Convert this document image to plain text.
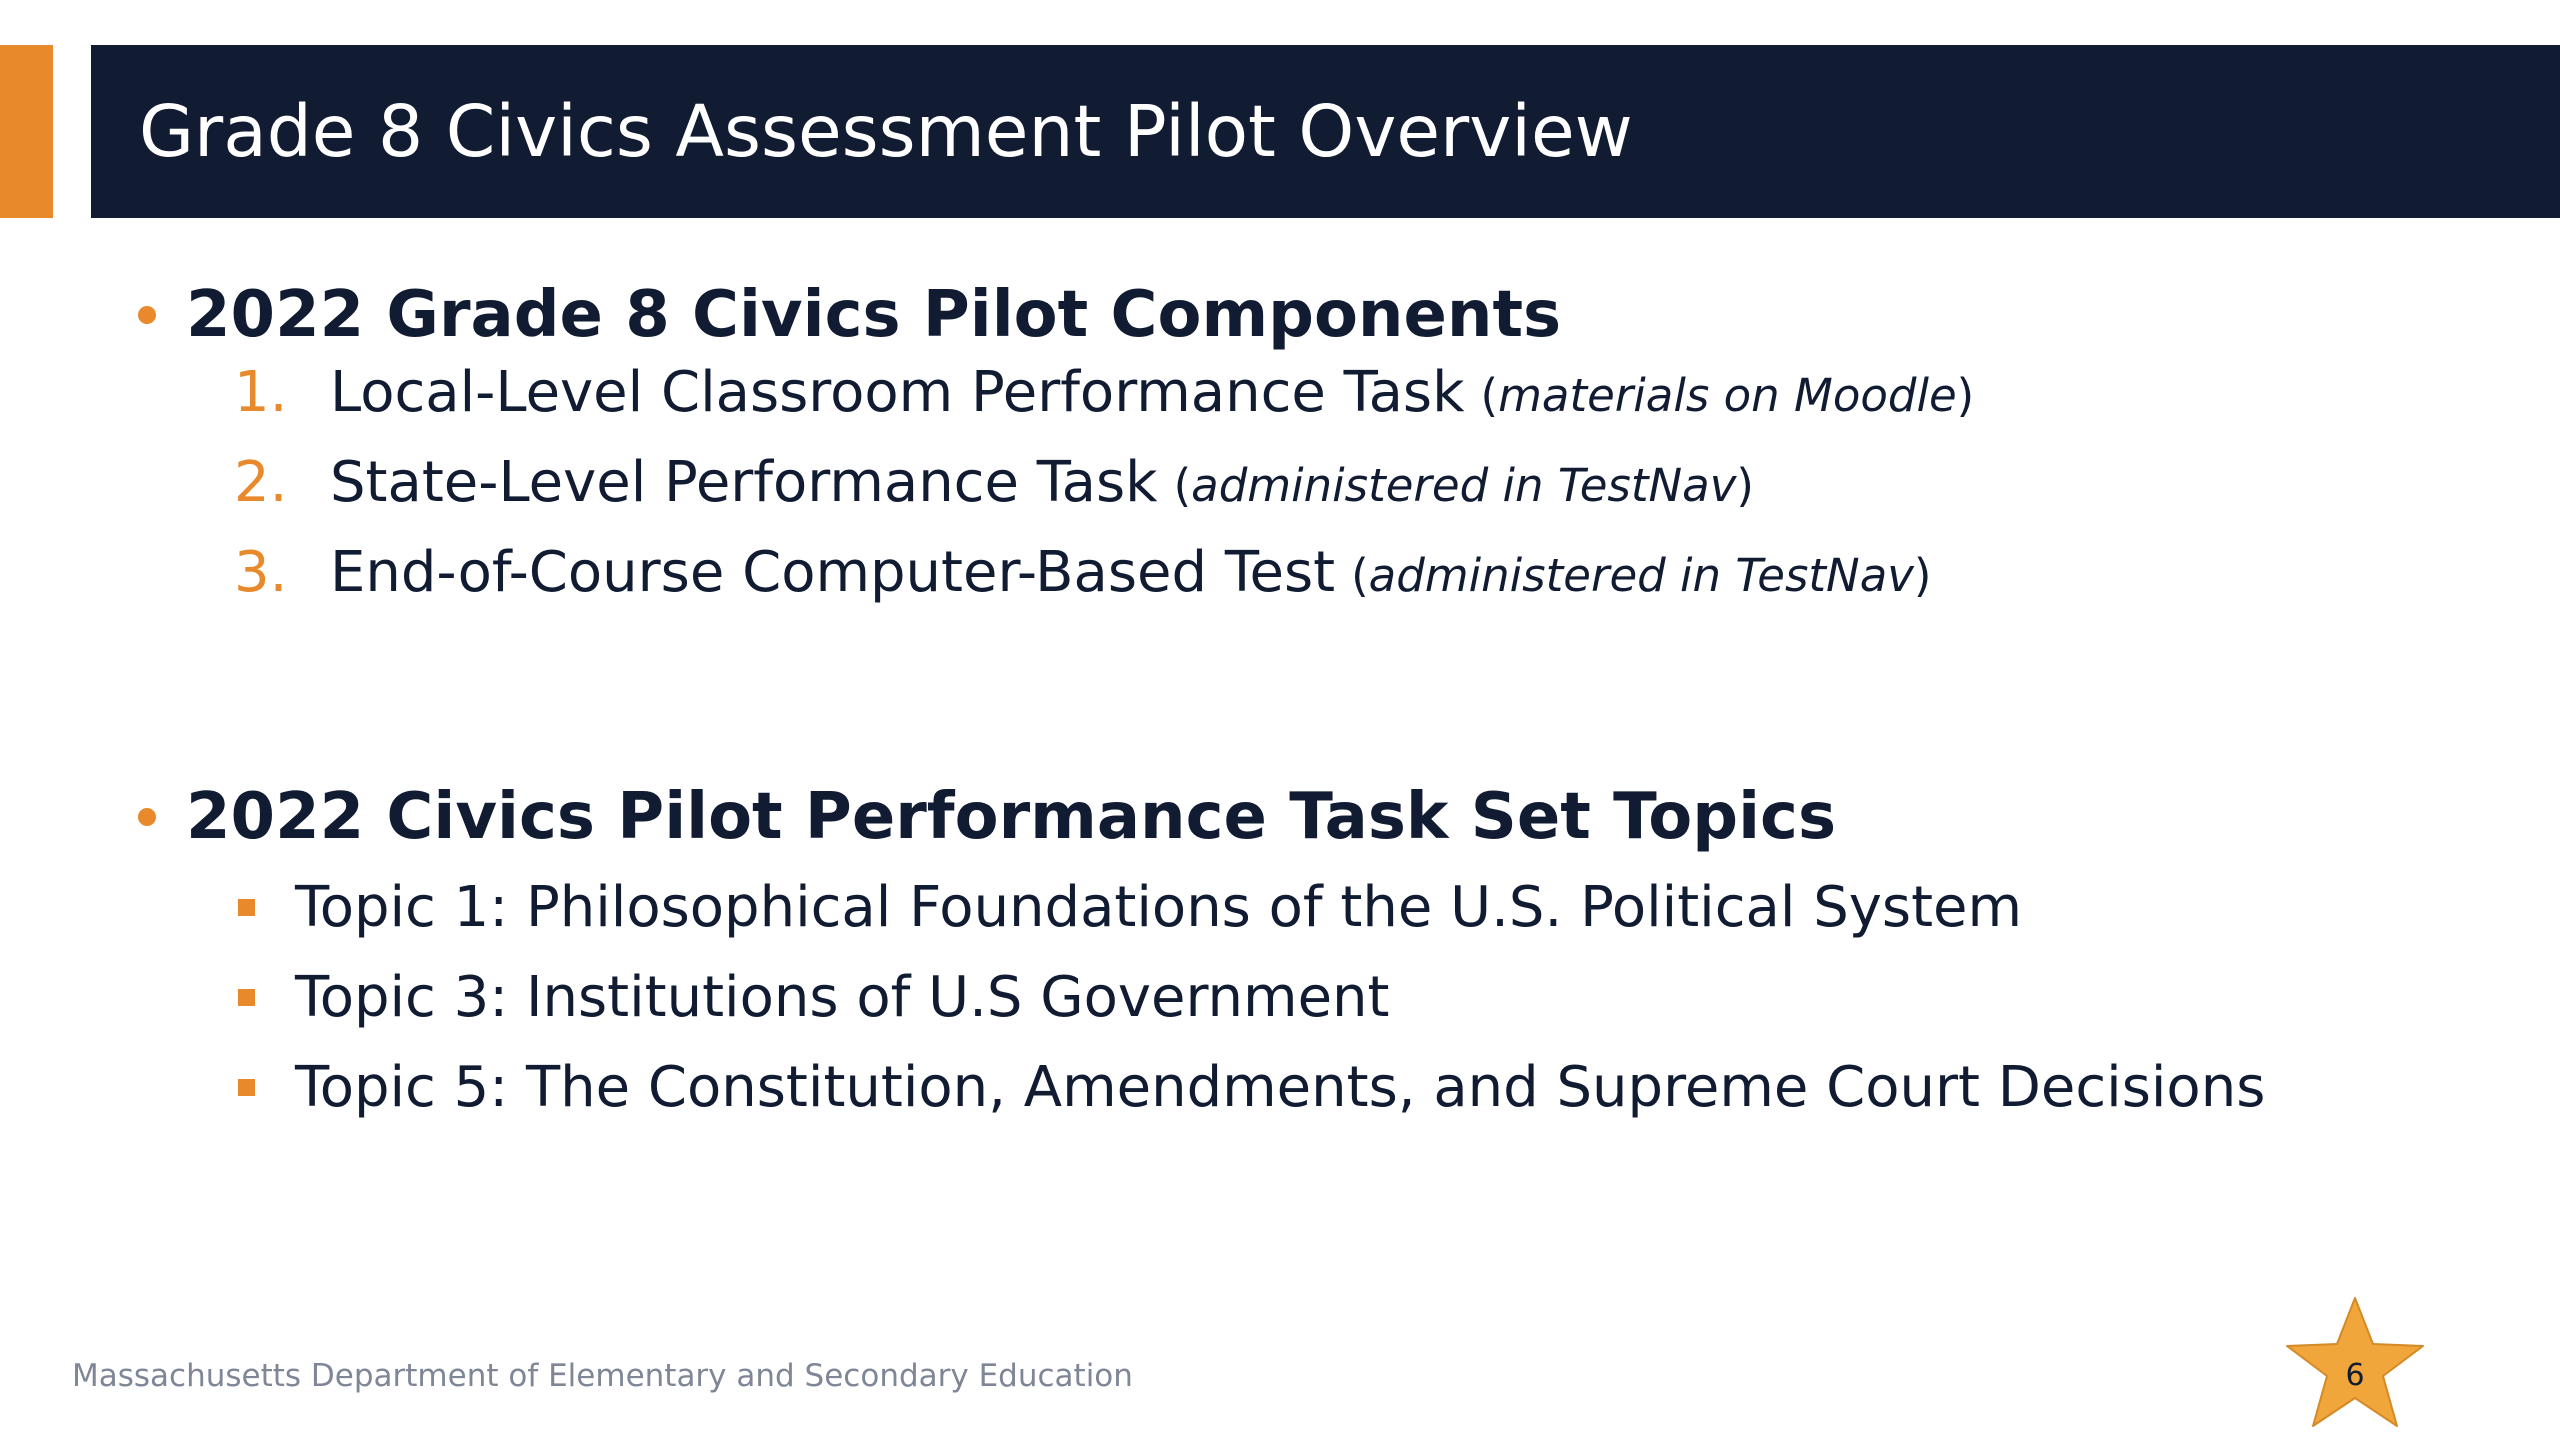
Grade 8 Civics Assessment Pilot Overview
2022 Grade 8 Civics Pilot Components
1. Local-Level Classroom Performance Task (materials on Moodle)
2. State-Level Performance Task (administered in TestNav)
3. End-of-Course Computer-Based Test (administered in TestNav)
2022 Civics Pilot Performance Task Set Topics
Topic 1: Philosophical Foundations of the U.S. Political System
Topic 3: Institutions of U.S Government
Topic 5: The Constitution, Amendments, and Supreme Court Decisions
Massachusetts Department of Elementary and Secondary Education	6
